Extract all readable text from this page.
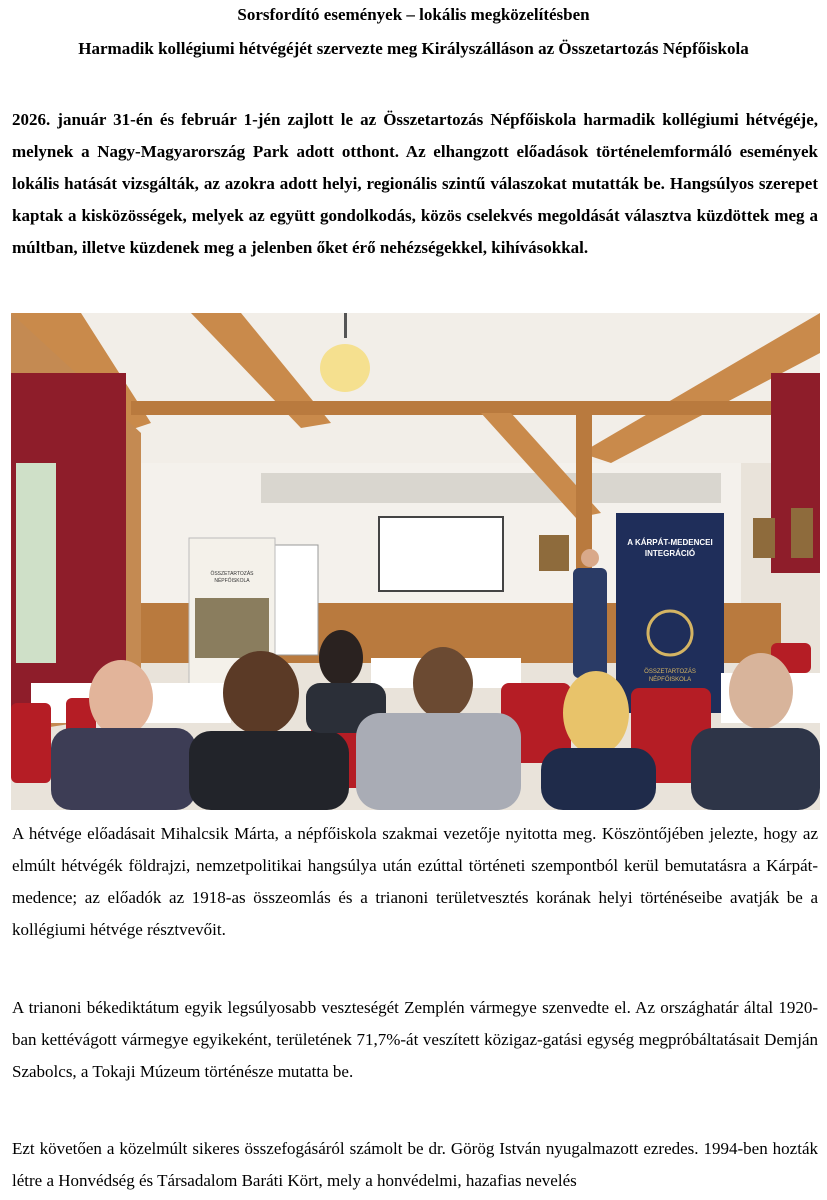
Sorsfordító események – lokális megközelítésben
Harmadik kollégiumi hétvégéjét szervezte meg Királyszálláson az Összetartozás Népfőiskola
2026. január 31-én és február 1-jén zajlott le az Összetartozás Népfőiskola harmadik kollégiumi hétvégéje, melynek a Nagy-Magyarország Park adott otthont. Az elhangzott előadások történelemformáló események lokális hatását vizsgálták, az azokra adott helyi, regionális szintű válaszokat mutatták be. Hangsúlyos szerepet kaptak a kisközösségek, melyek az együtt gondolkodás, közös cselekvés megoldását választva küzdöttek meg a múltban, illetve küzdenek meg a jelenben őket érő nehézségekkel, kihívásokkal.
ÖSSZETARTOZÁS
NÉPFŐISKOLA
A KÁRPÁT-MEDENCEI
INTEGRÁCIÓ
ÖSSZETARTOZÁS
NÉPFŐISKOLA
A hétvége előadásait Mihalcsik Márta, a népfőiskola szakmai vezetője nyitotta meg. Köszöntőjében jelezte, hogy az elmúlt hétvégék földrajzi, nemzetpolitikai hangsúlya után ezúttal történeti szempontból kerül bemutatásra a Kárpát-medence; az előadók az 1918-as összeomlás és a trianoni területvesztés korának helyi történéseibe avatják be a kollégiumi hétvége résztvevőit.
A trianoni békediktátum egyik legsúlyosabb veszteségét Zemplén vármegye szenvedte el. Az országhatár által 1920-ban kettévágott vármegye egyikeként, területének 71,7%-át veszített közigaz-gatási egység megpróbáltatásait Demján Szabolcs, a Tokaji Múzeum történésze mutatta be.
Ezt követően a közelmúlt sikeres összefogásáról számolt be dr. Görög István nyugalmazott ezredes. 1994-ben hozták létre a Honvédség és Társadalom Baráti Kört, mely a honvédelmi, hazafias nevelés
